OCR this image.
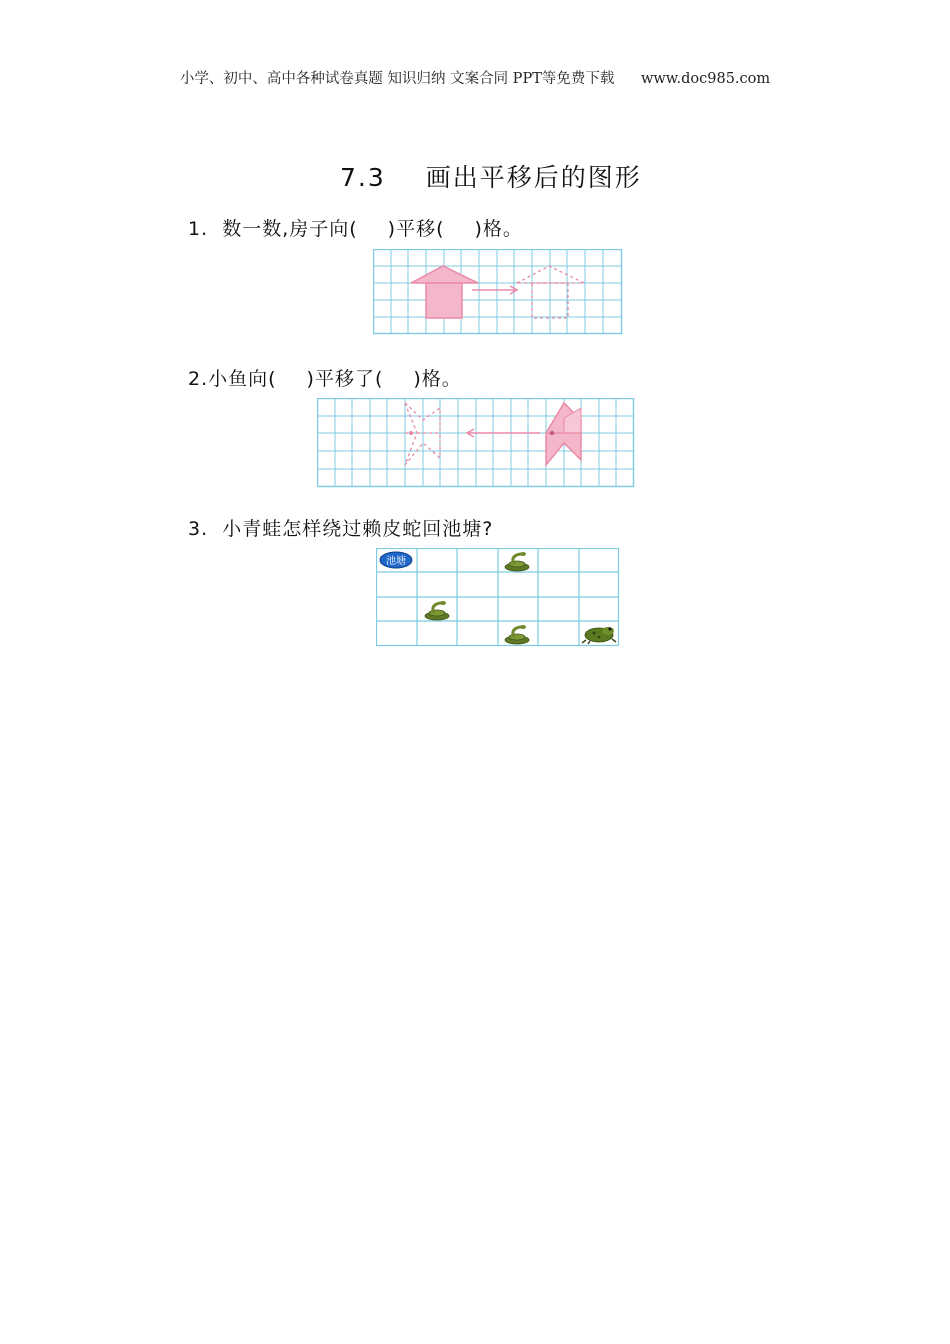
小学、初中、高中各种试卷真题 知识归纳 文案合同 PPT等免费下载 www.doc985.com
7.3 画出平移后的图形
1.  数一数,房子向( )平移( )格。
2.小鱼向( )平移了( )格。
3.  小青蛙怎样绕过赖皮蛇回池塘?
池塘
